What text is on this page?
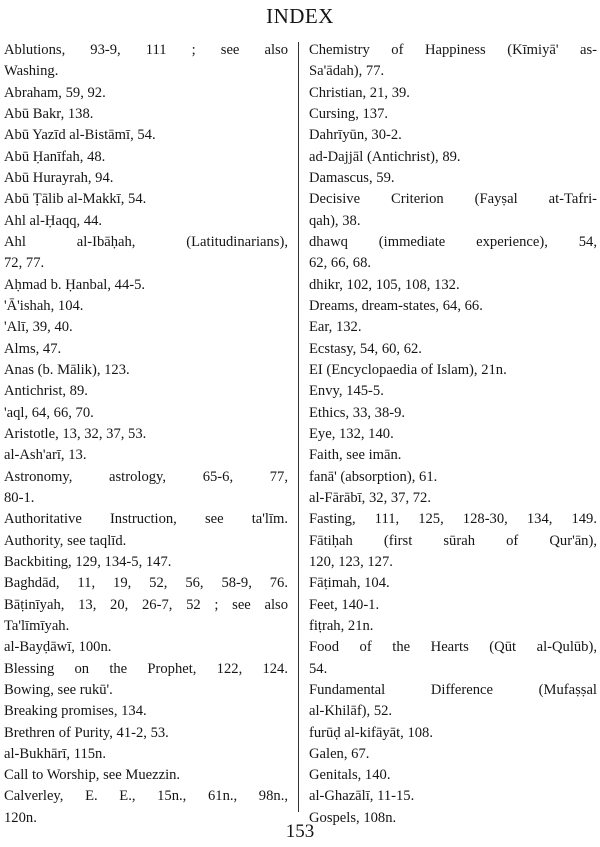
INDEX
Ablutions, 93-9, 111 ; see also
Washing.
Abraham, 59, 92.
Abū Bakr, 138.
Abū Yazīd al-Bistāmī, 54.
Abū Ḥanīfah, 48.
Abū Hurayrah, 94.
Abū Ṭālib al-Makkī, 54.
Ahl al-Ḥaqq, 44.
Ahl al-Ibāḥah, (Latitudinarians),
72, 77.
Aḥmad b. Ḥanbal, 44-5.
'Ā'ishah, 104.
'Alī, 39, 40.
Alms, 47.
Anas (b. Mālik), 123.
Antichrist, 89.
'aql, 64, 66, 70.
Aristotle, 13, 32, 37, 53.
al-Ash'arī, 13.
Astronomy, astrology, 65-6, 77,
80-1.
Authoritative Instruction, see ta'līm.
Authority, see taqlīd.
Backbiting, 129, 134-5, 147.
Baghdād, 11, 19, 52, 56, 58-9, 76.
Bāṭinīyah, 13, 20, 26-7, 52 ; see also
Ta'līmīyah.
al-Bayḍāwī, 100n.
Blessing on the Prophet, 122, 124.
Bowing, see rukū'.
Breaking promises, 134.
Brethren of Purity, 41-2, 53.
al-Bukhārī, 115n.
Call to Worship, see Muezzin.
Calverley, E. E., 15n., 61n., 98n.,
120n.
Chemistry of Happiness (Kīmiyā' as-
Sa'ādah), 77.
Christian, 21, 39.
Cursing, 137.
Dahrīyūn, 30-2.
ad-Dajjāl (Antichrist), 89.
Damascus, 59.
Decisive Criterion (Fayṣal at-Tafri-
qah), 38.
dhawq (immediate experience), 54,
62, 66, 68.
dhikr, 102, 105, 108, 132.
Dreams, dream-states, 64, 66.
Ear, 132.
Ecstasy, 54, 60, 62.
EI (Encyclopaedia of Islam), 21n.
Envy, 145-5.
Ethics, 33, 38-9.
Eye, 132, 140.
Faith, see imān.
fanā' (absorption), 61.
al-Fārābī, 32, 37, 72.
Fasting, 111, 125, 128-30, 134, 149.
Fātiḥah (first sūrah of Qur'ān),
120, 123, 127.
Fāṭimah, 104.
Feet, 140-1.
fiṭrah, 21n.
Food of the Hearts (Qūt al-Qulūb),
54.
Fundamental Difference (Mufaṣṣal
al-Khilāf), 52.
furūḍ al-kifāyāt, 108.
Galen, 67.
Genitals, 140.
al-Ghazālī, 11-15.
Gospels, 108n.
153
